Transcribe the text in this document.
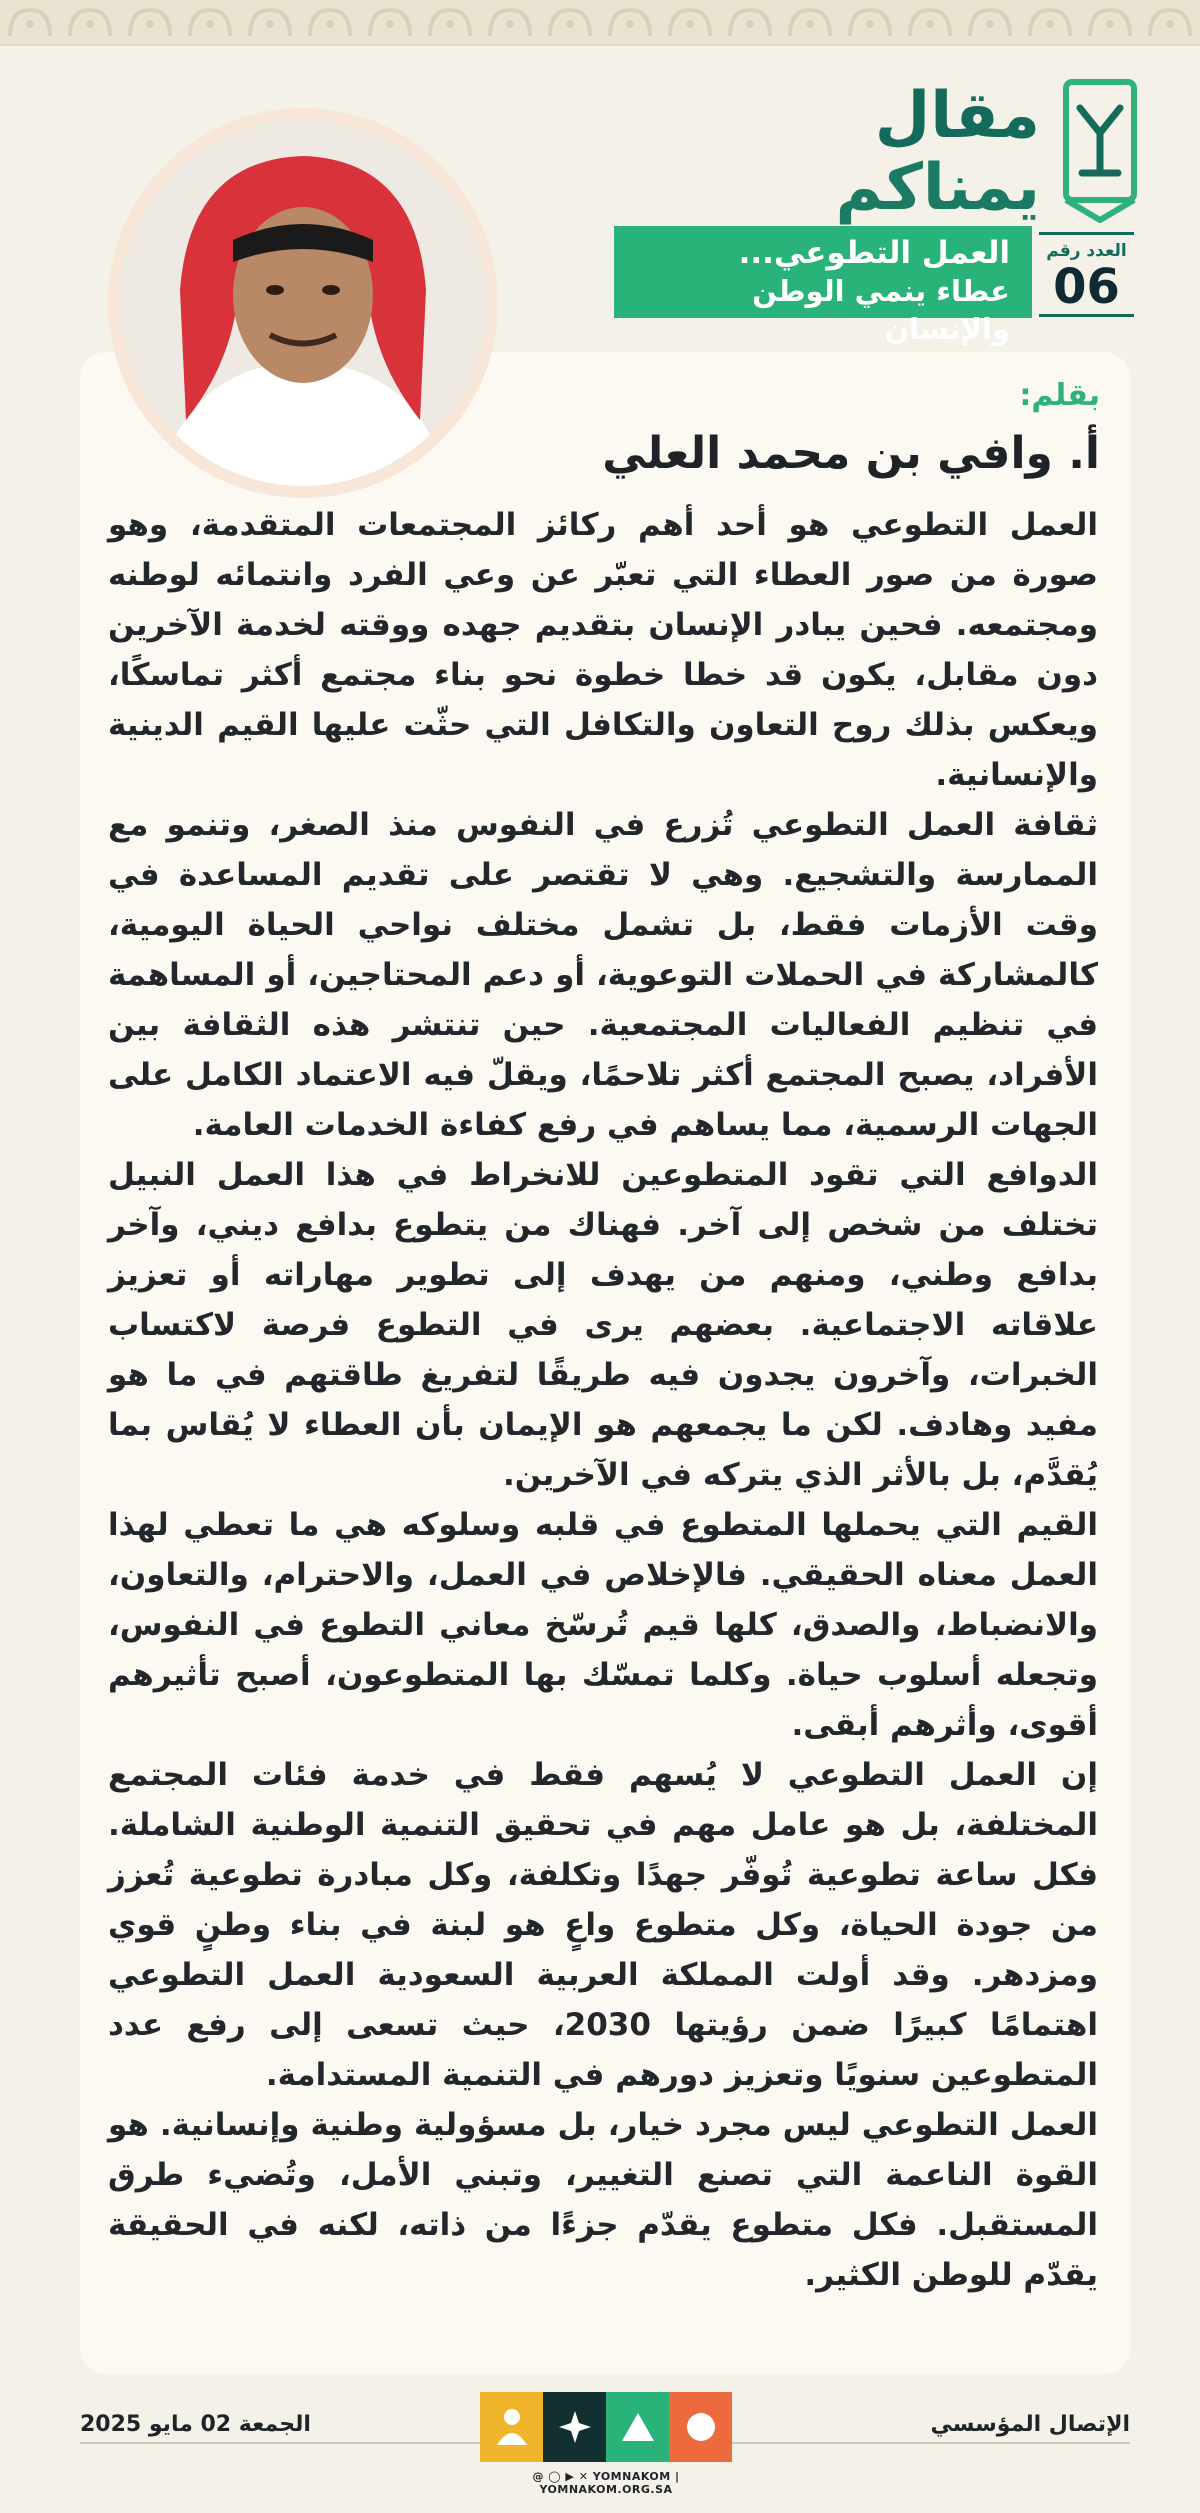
مقال
يمناكم
العدد رقم
06
العمل التطوعي...
عطاء ينمي الوطن والإنسان
بقلم:
أ. وافي بن محمد العلي

العمل التطوعي هو أحد أهم ركائز المجتمعات المتقدمة، وهو صورة من صور العطاء التي تعبّر عن وعي الفرد وانتمائه لوطنه ومجتمعه. فحين يبادر الإنسان بتقديم جهده ووقته لخدمة الآخرين دون مقابل، يكون قد خطا خطوة نحو بناء مجتمع أكثر تماسكًا، ويعكس بذلك روح التعاون والتكافل التي حثّت عليها القيم الدينية والإنسانية.

ثقافة العمل التطوعي تُزرع في النفوس منذ الصغر، وتنمو مع الممارسة والتشجيع. وهي لا تقتصر على تقديم المساعدة في وقت الأزمات فقط، بل تشمل مختلف نواحي الحياة اليومية، كالمشاركة في الحملات التوعوية، أو دعم المحتاجين، أو المساهمة في تنظيم الفعاليات المجتمعية. حين تنتشر هذه الثقافة بين الأفراد، يصبح المجتمع أكثر تلاحمًا، ويقلّ فيه الاعتماد الكامل على الجهات الرسمية، مما يساهم في رفع كفاءة الخدمات العامة.

الدوافع التي تقود المتطوعين للانخراط في هذا العمل النبيل تختلف من شخص إلى آخر. فهناك من يتطوع بدافع ديني، وآخر بدافع وطني، ومنهم من يهدف إلى تطوير مهاراته أو تعزيز علاقاته الاجتماعية. بعضهم يرى في التطوع فرصة لاكتساب الخبرات، وآخرون يجدون فيه طريقًا لتفريغ طاقتهم في ما هو مفيد وهادف. لكن ما يجمعهم هو الإيمان بأن العطاء لا يُقاس بما يُقدَّم، بل بالأثر الذي يتركه في الآخرين.

القيم التي يحملها المتطوع في قلبه وسلوكه هي ما تعطي لهذا العمل معناه الحقيقي. فالإخلاص في العمل، والاحترام، والتعاون، والانضباط، والصدق، كلها قيم تُرسّخ معاني التطوع في النفوس، وتجعله أسلوب حياة. وكلما تمسّك بها المتطوعون، أصبح تأثيرهم أقوى، وأثرهم أبقى.

إن العمل التطوعي لا يُسهم فقط في خدمة فئات المجتمع المختلفة، بل هو عامل مهم في تحقيق التنمية الوطنية الشاملة. فكل ساعة تطوعية تُوفّر جهدًا وتكلفة، وكل مبادرة تطوعية تُعزز من جودة الحياة، وكل متطوع واعٍ هو لبنة في بناء وطنٍ قوي ومزدهر. وقد أولت المملكة العربية السعودية العمل التطوعي اهتمامًا كبيرًا ضمن رؤيتها 2030، حيث تسعى إلى رفع عدد المتطوعين سنويًا وتعزيز دورهم في التنمية المستدامة.

العمل التطوعي ليس مجرد خيار، بل مسؤولية وطنية وإنسانية. هو القوة الناعمة التي تصنع التغيير، وتبني الأمل، وتُضيء طرق المستقبل. فكل متطوع يقدّم جزءًا من ذاته، لكنه في الحقيقة يقدّم للوطن الكثير.

الجمعة 02 مايو 2025	الإتصال المؤسسي
@ ◯ ▶ ✕ YOMNAKOM | YOMNAKOM.ORG.SA
